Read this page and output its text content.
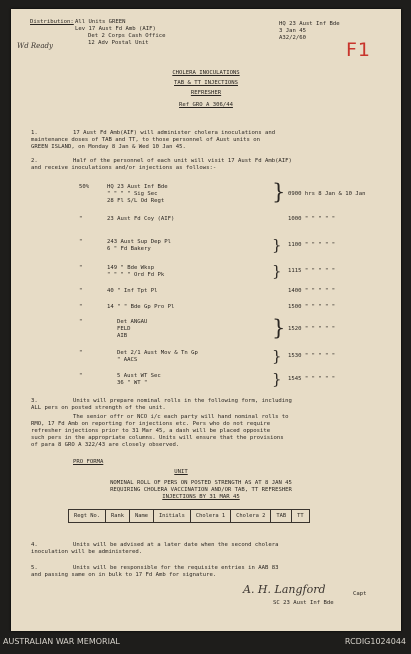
Distribution: All Units GREEN
Lev 17 Aust Fd Amb (AIF)
Det 2 Corps Cash Office
12 Adv Postal Unit
Wd Ready
HQ 23 Aust Inf Bde
3 Jan 45
A32/2/60
F1
CHOLERA INOCULATIONS
TAB & TT INJECTIONS
REFRESHER
Ref GRO A 306/44
1.	17 Aust Fd Amb(AIF) will administer cholera inoculations and
maintenance doses of TAB and TT, to those personnel of Aust units on
GREEN ISLAND, on Monday 8 Jan & Wed 10 Jan 45.
2.	Half of the personnel of each unit will visit 17 Aust Fd Amb(AIF)
and receive inoculations and/or injections as follows:-
50%	HQ 23 Aust Inf Bde
" " " " Sig Sec
28 Fl S/L Od Regt	} 0900 hrs 8 Jan & 10 Jan
"	23 Aust Fd Coy (AIF)	1000 " " " " "
"	243 Aust Sup Dep Pl
6 " Fd Bakery	} 1100 " " " " "
"	149 " Bde Wksp
" " " " Ord Fd Pk	} 1115 " " " " "
"	40 " Inf Tpt Pl	1400 " " " " "
"	14 " " Bde Gp Pro Pl	1500 " " " " "
"	Det ANGAU
FELD
AIB	} 1520 " " " " "
"	Det 2/1 Aust Mov & Tn Gp
" AACS	} 1530 " " " " "
"	5 Aust WT Sec
36 " WT "	} 1545 " " " " "
3.	Units will prepare nominal rolls in the following form, including
ALL pers on posted strength of the unit.
The senior offr or NCO i/c each party will hand nominal rolls to
RMO, 17 Fd Amb on reporting for injections etc. Pers who do not require
refresher injections prior to 31 Mar 45, a dash will be placed opposite
such pers in the appropriate columns. Units will ensure that the provisions
of para 8 GRO A 322/43 are closely observed.
PRO FORMA
UNIT
NOMINAL ROLL OF PERS ON POSTED STRENGTH AS AT 8 JAN 45
REQUIRING CHOLERA VACCINATION AND/OR TAB, TT REFRESHER
INJECTIONS BY 31 MAR 45
Regt No.	Rank	Name	Initials	Cholera 1	Cholera 2	TAB	TT
4.	Units will be advised at a later date when the second cholera
inoculation will be administered.
5.	Units will be responsible for the requisite entries in AAB 83
and passing same on in bulk to 17 Fd Amb for signature.
A. H. Langford	Capt
SC 23 Aust Inf Bde
AUSTRALIAN WAR MEMORIAL	RCDIG1024044
